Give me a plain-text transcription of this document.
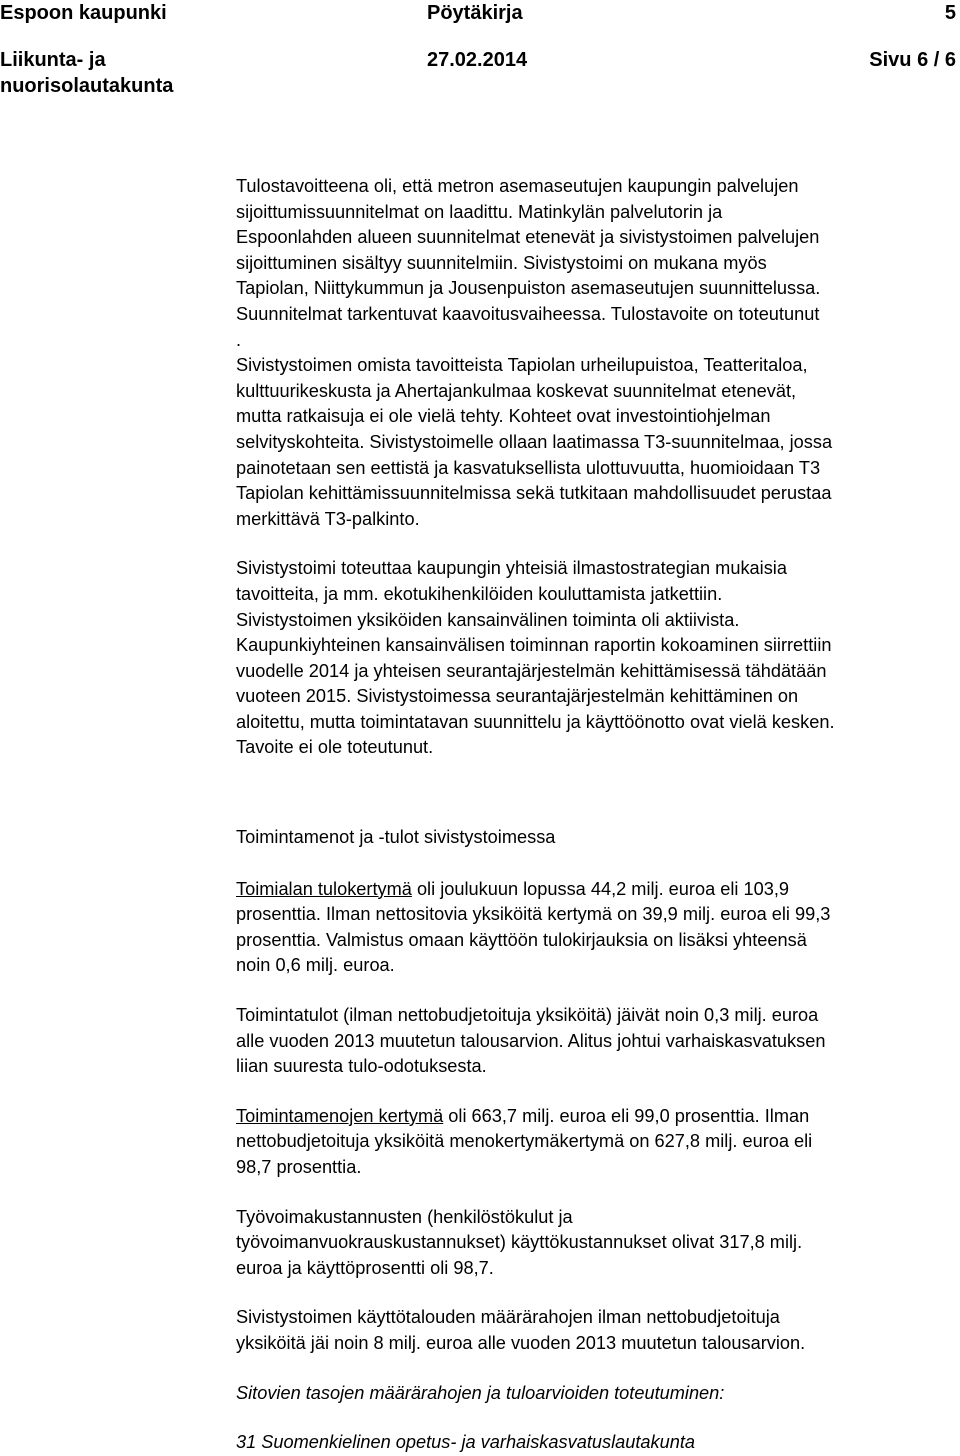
Espoon kaupunki	Pöytäkirja	5
Liikunta- ja
nuorisolautakunta
27.02.2014	Sivu 6 / 6

Tulostavoitteena oli, että metron asemaseutujen kaupungin palvelujen
sijoittumissuunnitelmat on laadittu. Matinkylän palvelutorin ja
Espoonlahden alueen suunnitelmat etenevät ja sivistystoimen palvelujen
sijoittuminen sisältyy suunnitelmiin. Sivistystoimi on mukana myös
Tapiolan, Niittykummun ja Jousenpuiston asemaseutujen suunnittelussa.
Suunnitelmat tarkentuvat kaavoitusvaiheessa. Tulostavoite on toteutunut
.
Sivistystoimen omista tavoitteista Tapiolan urheilupuistoa, Teatteritaloa,
kulttuurikeskusta ja Ahertajankulmaa koskevat suunnitelmat etenevät,
mutta ratkaisuja ei ole vielä tehty. Kohteet ovat investointiohjelman
selvityskohteita. Sivistystoimelle ollaan laatimassa T3-suunnitelmaa, jossa
painotetaan sen eettistä ja kasvatuksellista ulottuvuutta, huomioidaan T3
Tapiolan kehittämissuunnitelmissa sekä tutkitaan mahdollisuudet perustaa
merkittävä T3-palkinto.

Sivistystoimi toteuttaa kaupungin yhteisiä ilmastostrategian mukaisia
tavoitteita, ja mm. ekotukihenkilöiden kouluttamista jatkettiin.
Sivistystoimen yksiköiden kansainvälinen toiminta oli aktiivista.
Kaupunkiyhteinen kansainvälisen toiminnan raportin kokoaminen siirrettiin
vuodelle 2014 ja yhteisen seurantajärjestelmän kehittämisessä tähdätään
vuoteen 2015. Sivistystoimessa seurantajärjestelmän kehittäminen on
aloitettu, mutta toimintatavan suunnittelu ja käyttöönotto ovat vielä kesken.
Tavoite ei ole toteutunut.

Toimintamenot ja -tulot sivistystoimessa

Toimialan tulokertymä oli joulukuun lopussa 44,2 milj. euroa eli 103,9
prosenttia. Ilman nettositovia yksiköitä kertymä on 39,9 milj. euroa eli 99,3
prosenttia. Valmistus omaan käyttöön tulokirjauksia on lisäksi yhteensä
noin 0,6 milj. euroa.

Toimintatulot (ilman nettobudjetoituja yksiköitä) jäivät noin 0,3 milj. euroa
alle vuoden 2013 muutetun talousarvion. Alitus johtui varhaiskasvatuksen
liian suuresta tulo-odotuksesta.

Toimintamenojen kertymä oli 663,7 milj. euroa eli 99,0 prosenttia. Ilman
nettobudjetoituja yksiköitä menokertymäkertymä on 627,8 milj. euroa eli
98,7 prosenttia.

Työvoimakustannusten (henkilöstökulut ja
työvoimanvuokrauskustannukset) käyttökustannukset olivat 317,8 milj.
euroa ja käyttöprosentti oli 98,7.

Sivistystoimen käyttötalouden määrärahojen ilman nettobudjetoituja
yksiköitä jäi noin 8 milj. euroa alle vuoden 2013 muutetun talousarvion.

Sitovien tasojen määrärahojen ja tuloarvioiden toteutuminen:

31 Suomenkielinen opetus- ja varhaiskasvatuslautakunta
